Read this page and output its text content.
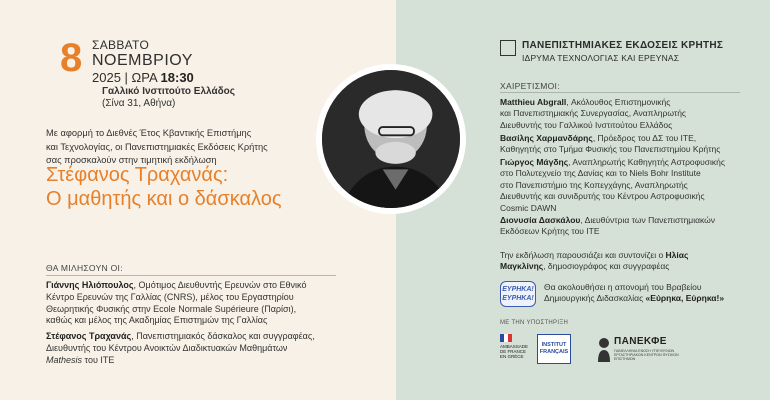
8 ΣΑΒΒΑΤΟ
ΝΟΕΜΒΡΙΟΥ
2025 | ΩΡΑ 18:30
Γαλλικό Ινστιτούτο Ελλάδος
(Σίνα 31, Αθήνα)
Με αφορμή το Διεθνές Έτος Κβαντικής Επιστήμης
και Τεχνολογίας, οι Πανεπιστημιακές Εκδόσεις Κρήτης
σας προσκαλούν στην τιμητική εκδήλωση
Στέφανος Τραχανάς:
Ο μαθητής και ο δάσκαλος
ΘΑ ΜΙΛΗΣΟΥΝ ΟΙ:
Γιάννης Ηλιόπουλος, Ομότιμος Διευθυντής Ερευνών στο Εθνικό
Κέντρο Ερευνών της Γαλλίας (CNRS), μέλος του Εργαστηρίου
Θεωρητικής Φυσικής στην Ecole Normale Supérieure (Παρίσι),
καθώς και μέλος της Ακαδημίας Επιστημών της Γαλλίας
Στέφανος Τραχανάς, Πανεπιστημιακός δάσκαλος και συγγραφέας,
Διευθυντής του Κέντρου Ανοικτών Διαδικτυακών Μαθημάτων
Mathesis του ΙΤΕ
ΠΑΝΕΠΙΣΤΗΜΙΑΚΕΣ ΕΚΔΟΣΕΙΣ ΚΡΗΤΗΣ
ΙΔΡΥΜΑ ΤΕΧΝΟΛΟΓΙΑΣ ΚΑΙ ΕΡΕΥΝΑΣ
ΧΑΙΡΕΤΙΣΜΟΙ:
Matthieu Abgrall, Ακόλουθος Επιστημονικής
και Πανεπιστημιακής Συνεργασίας, Αναπληρωτής
Διευθυντής του Γαλλικού Ινστιτούτου Ελλάδος
Βασίλης Χαρμανδάρης, Πρόεδρος του ΔΣ του ΙΤΕ,
Καθηγητής στο Τμήμα Φυσικής του Πανεπιστημίου Κρήτης
Γιώργος Μάγδης, Αναπληρωτής Καθηγητής Αστροφυσικής
στο Πολυτεχνείο της Δανίας και το Niels Bohr Institute
στο Πανεπιστήμιο της Κοπεγχάγης, Αναπληρωτής
Διευθυντής και συνιδρυτής του Κέντρου Αστροφυσικής
Cosmic DAWN
Διονυσία Δασκάλου, Διευθύντρια των Πανεπιστημιακών
Εκδόσεων Κρήτης του ΙΤΕ
Την εκδήλωση παρουσιάζει και συντονίζει ο Ηλίας
Μαγκλίνης, δημοσιογράφος και συγγραφέας
ΕΥΡΗΚΑ!
ΕΥΡΗΚΑ!
Θα ακολουθήσει η απονομή του Βραβείου
Δημιουργικής Διδασκαλίας «Εύρηκα, Εύρηκα!»
ΜΕ ΤΗΝ ΥΠΟΣΤΗΡΙΞΗ
AMBASSADE
DE FRANCE
EN GRÈCE
INSTITUT
FRANÇAIS
ΠΑΝΕΚΦΕ
ΠΑΝΕΛΛΗΝΙΑ ΕΝΩΣΗ ΥΠΕΥΘΥΝΩΝ
ΕΡΓΑΣΤΗΡΙΑΚΩΝ ΚΕΝΤΡΩΝ ΦΥΣΙΚΩΝ ΕΠΙΣΤΗΜΩΝ
